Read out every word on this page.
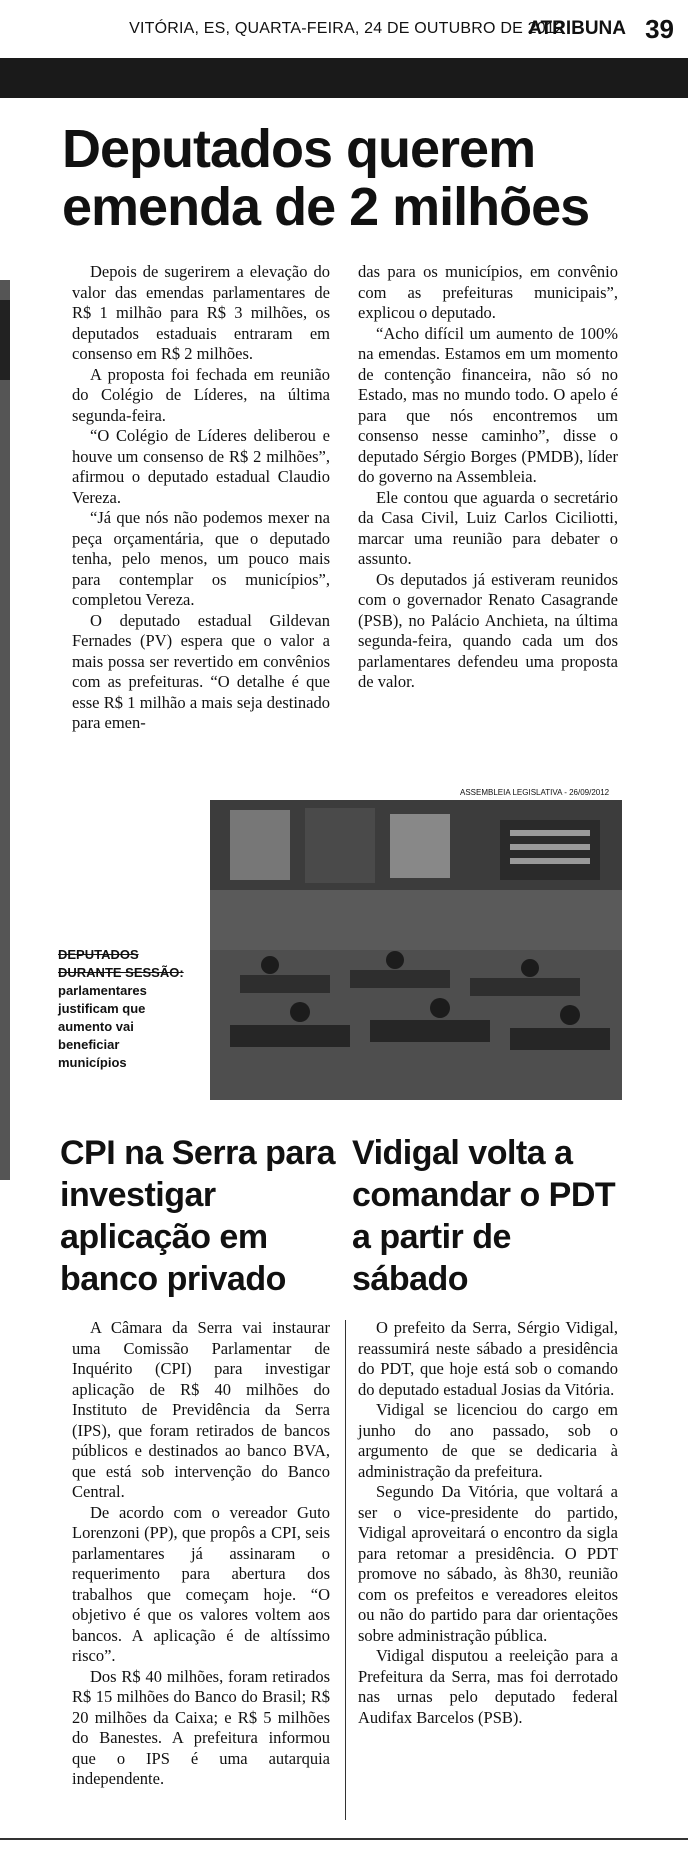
VITÓRIA, ES, QUARTA-FEIRA, 24 DE OUTUBRO DE 2012
ATRIBUNA 39
Deputados querem emenda de 2 milhões

Depois de sugerirem a elevação do valor das emendas parlamentares de R$ 1 milhão para R$ 3 milhões, os deputados estaduais entraram em consenso em R$ 2 milhões.

A proposta foi fechada em reunião do Colégio de Líderes, na última segunda-feira.

“O Colégio de Líderes deliberou e houve um consenso de R$ 2 milhões”, afirmou o deputado estadual Claudio Vereza.

“Já que nós não podemos mexer na peça orçamentária, que o deputado tenha, pelo menos, um pouco mais para contemplar os municípios”, completou Vereza.

O deputado estadual Gildevan Fernades (PV) espera que o valor a mais possa ser revertido em convênios com as prefeituras. “O detalhe é que esse R$ 1 milhão a mais seja destinado para emen-

das para os municípios, em convênio com as prefeituras municipais”, explicou o deputado.

“Acho difícil um aumento de 100% na emendas. Estamos em um momento de contenção financeira, não só no Estado, mas no mundo todo. O apelo é para que nós encontremos um consenso nesse caminho”, disse o deputado Sérgio Borges (PMDB), líder do governo na Assembleia.

Ele contou que aguarda o secretário da Casa Civil, Luiz Carlos Ciciliotti, marcar uma reunião para debater o assunto.

Os deputados já estiveram reunidos com o governador Renato Casagrande (PSB), no Palácio Anchieta, na última segunda-feira, quando cada um dos parlamentares defendeu uma proposta de valor.

ASSEMBLEIA LEGISLATIVA - 26/09/2012
DEPUTADOS DURANTE SESSÃO:
parlamentares justificam que aumento vai beneficiar municípios
CPI na Serra para investigar aplicação em banco privado
Vidigal volta a comandar o PDT a partir de sábado

A Câmara da Serra vai instaurar uma Comissão Parlamentar de Inquérito (CPI) para investigar aplicação de R$ 40 milhões do Instituto de Previdência da Serra (IPS), que foram retirados de bancos públicos e destinados ao banco BVA, que está sob intervenção do Banco Central.

De acordo com o vereador Guto Lorenzoni (PP), que propôs a CPI, seis parlamentares já assinaram o requerimento para abertura dos trabalhos que começam hoje. “O objetivo é que os valores voltem aos bancos. A aplicação é de altíssimo risco”.

Dos R$ 40 milhões, foram retirados R$ 15 milhões do Banco do Brasil; R$ 20 milhões da Caixa; e R$ 5 milhões do Banestes. A prefeitura informou que o IPS é uma autarquia independente.

O prefeito da Serra, Sérgio Vidigal, reassumirá neste sábado a presidência do PDT, que hoje está sob o comando do deputado estadual Josias da Vitória.

Vidigal se licenciou do cargo em junho do ano passado, sob o argumento de que se dedicaria à administração da prefeitura.

Segundo Da Vitória, que voltará a ser o vice-presidente do partido, Vidigal aproveitará o encontro da sigla para retomar a presidência. O PDT promove no sábado, às 8h30, reunião com os prefeitos e vereadores eleitos ou não do partido para dar orientações sobre administração pública.

Vidigal disputou a reeleição para a Prefeitura da Serra, mas foi derrotado nas urnas pelo deputado federal Audifax Barcelos (PSB).
